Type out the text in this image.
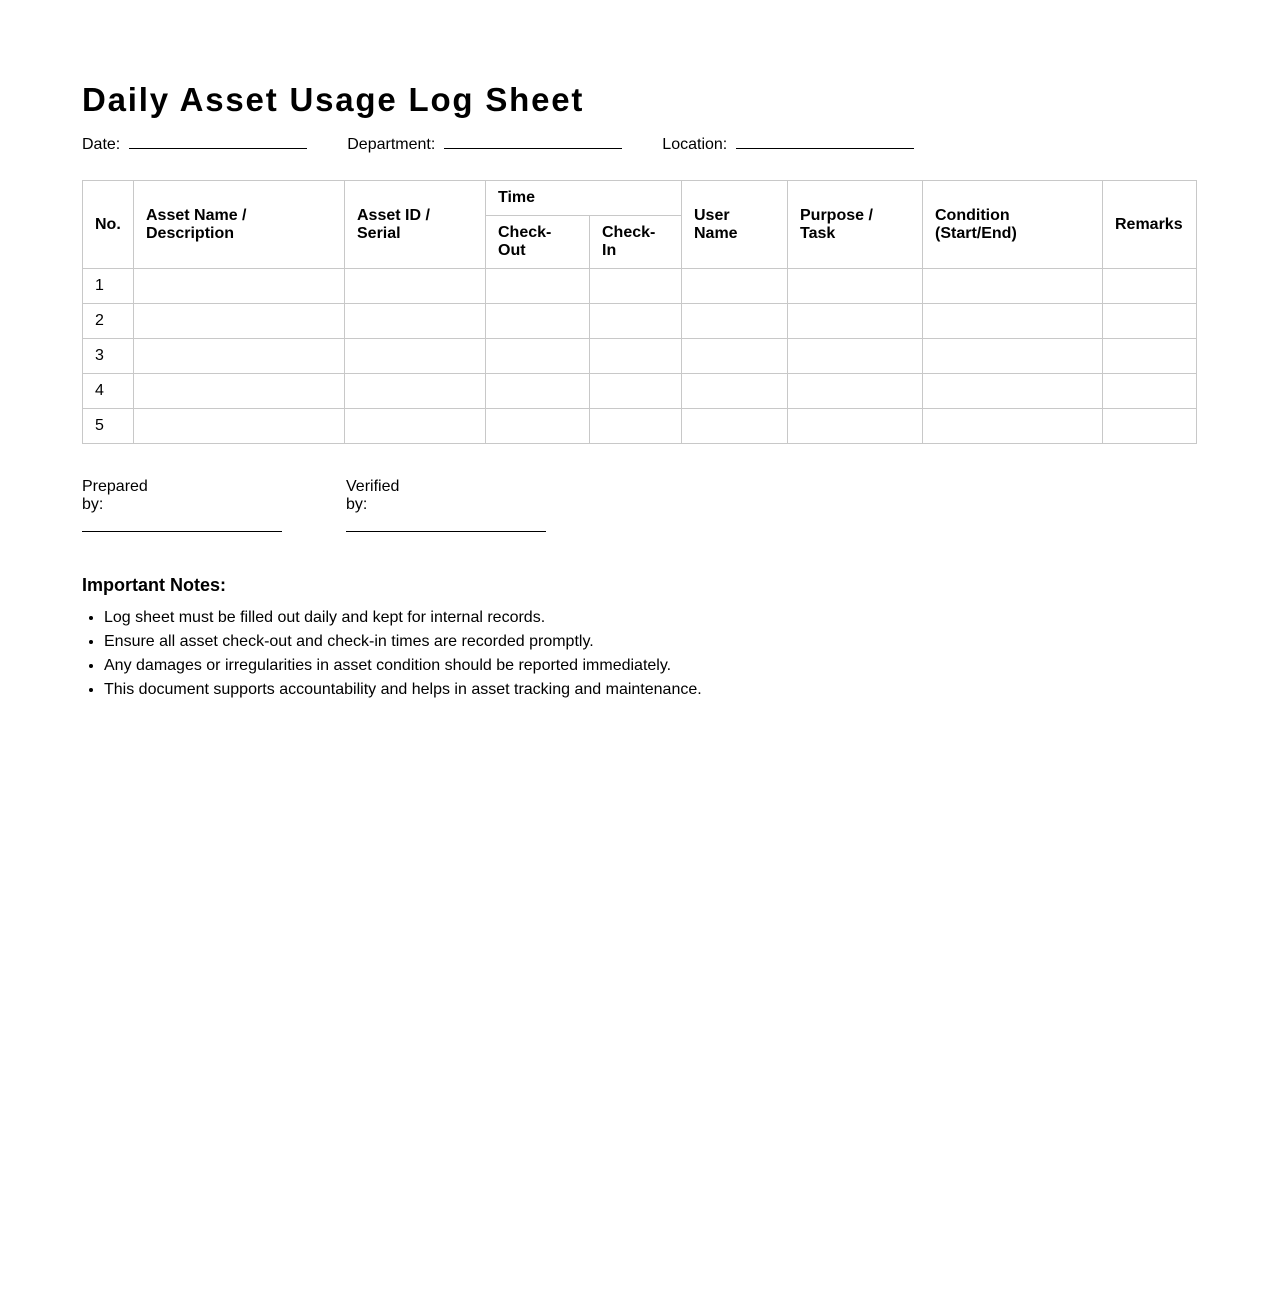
Daily Asset Usage Log Sheet
Date:	Department:	Location:
No.	Asset Name / Description	Asset ID / Serial	Time		User Name	Purpose / Task	Condition (Start/End)	Remarks
			Check-Out	Check-In				
1								
2								
3								
4								
5								
Prepared by:
Verified by:
Important Notes:
• Log sheet must be filled out daily and kept for internal records.
• Ensure all asset check-out and check-in times are recorded promptly.
• Any damages or irregularities in asset condition should be reported immediately.
• This document supports accountability and helps in asset tracking and maintenance.
